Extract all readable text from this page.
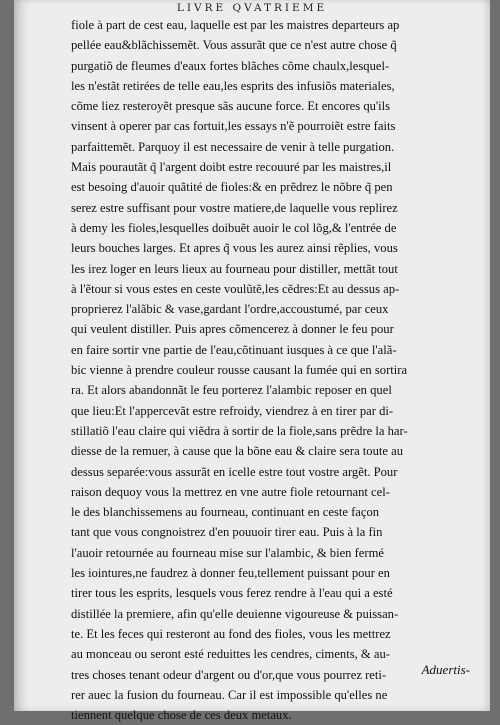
LIVRE QVATRIEME
fiole à part de cest eau, laquelle est par les maistres departeurs ap
pellée eau&blãchissemẽt. Vous assurãt que ce n'est autre chose q̃
purgatiõ de fleumes d'eaux fortes blãches cõme chaulx,lesquel-
les n'estãt retirées de telle eau,les esprits des infusiõs materiales,
cõme liez resteroyẽt presque sãs aucune force. Et encores qu'ils
vinsent à operer par cas fortuit,les essays n'ẽ pourroiẽt estre faits
parfaittemẽt. Parquoy il est necessaire de venir à telle purgation.
Mais pourautãt q̃ l'argent doibt estre recouuré par les maistres,il
est besoing d'auoir quãtité de fioles:& en prẽdrez le nõbre q̃ pen
serez estre suffisant pour vostre matiere,de laquelle vous replirez
à demy les fioles,lesquelles doibuẽt auoir le col lõg,& l'entrée de
leurs bouches larges. Et apres q̃ vous les aurez ainsi rẽplies, vous
les irez loger en leurs lieux au fourneau pour distiller, mettãt tout
à l'ẽtour si vous estes en ceste voulũtẽ,les cẽdres:Et au dessus ap-
proprierez l'alãbic & vase,gardant l'ordre,accoustumé, par ceux
qui veulent distiller. Puis apres cõmencerez à donner le feu pour
en faire sortir vne partie de l'eau,cõtinuant iusques à ce que l'alã-
bic vienne à prendre couleur rousse causant la fumée qui en sortira
ra. Et alors abandonnãt le feu porterez l'alambic reposer en quel
que lieu:Et l'appercevãt estre refroidy, viendrez à en tirer par di-
stillatiõ l'eau claire qui viẽdra à sortir de la fiole,sans prẽdre la har-
diesse de la remuer, à cause que la bõne eau & claire sera toute au
dessus separée:vous assurãt en icelle estre tout vostre argẽt. Pour
raison dequoy vous la mettrez en vne autre fiole retournant cel-
le des blanchissemens au fourneau, continuant en ceste façon
tant que vous congnoistrez d'en pouuoir tirer eau. Puis à la fin
l'auoir retournée au fourneau mise sur l'alambic, & bien fermé
les iointures,ne faudrez à donner feu,tellement puissant pour en
tirer tous les esprits, lesquels vous ferez rendre à l'eau qui a esté
distillée la premiere, afin qu'elle deuienne vigoureuse & puissan-
te. Et les feces qui resteront au fond des fioles, vous les mettrez
au monceau ou seront esté reduittes les cendres, ciments, & au-
tres choses tenant odeur d'argent ou d'or,que vous pourrez reti-
rer auec la fusion du fourneau. Car il est impossible qu'elles ne
tiennent quelque chose de ces deux metaux.
Aduertis-
